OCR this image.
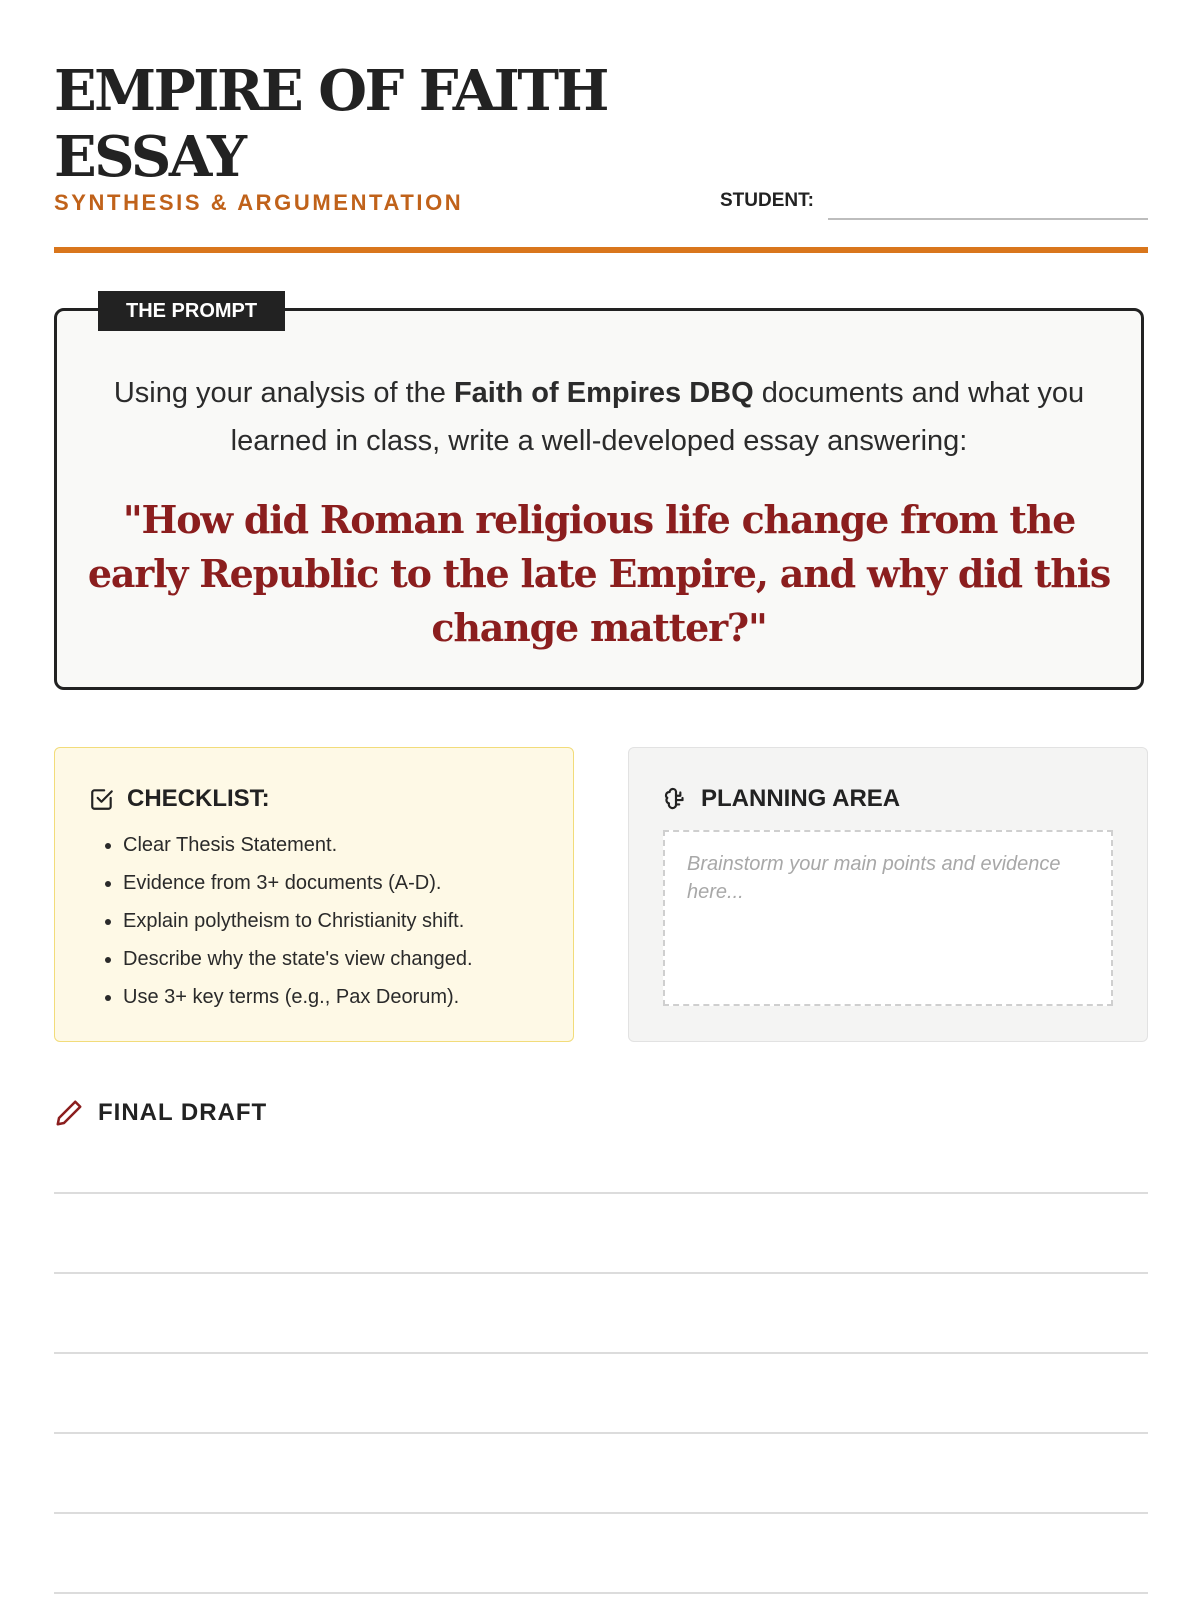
EMPIRE OF FAITH ESSAY
SYNTHESIS & ARGUMENTATION	STUDENT:
Using your analysis of the Faith of Empires DBQ documents and what you learned in class, write a well-developed essay answering:
"How did Roman religious life change from the early Republic to the late Empire, and why did this change matter?"
THE PROMPT
CHECKLIST:
• Clear Thesis Statement.
• Evidence from 3+ documents (A-D).
• Explain polytheism to Christianity shift.
• Describe why the state's view changed.
• Use 3+ key terms (e.g., Pax Deorum).
PLANNING AREA
Brainstorm your main points and evidence here...
FINAL DRAFT
